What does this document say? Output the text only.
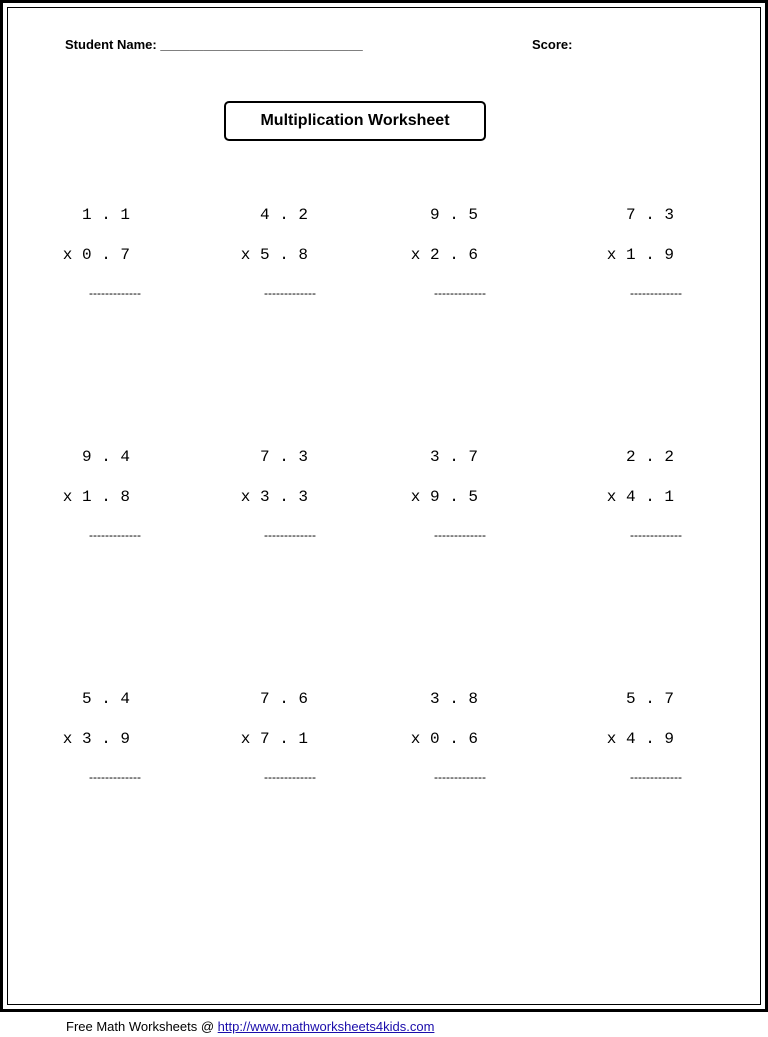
Student Name: ____________________________	Score:
Multiplication Worksheet
1 . 1
x 0 . 7
-------------
4 . 2
x 5 . 8
-------------
9 . 5
x 2 . 6
-------------
7 . 3
x 1 . 9
-------------
9 . 4
x 1 . 8
-------------
7 . 3
x 3 . 3
-------------
3 . 7
x 9 . 5
-------------
2 . 2
x 4 . 1
-------------
5 . 4
x 3 . 9
-------------
7 . 6
x 7 . 1
-------------
3 . 8
x 0 . 6
-------------
5 . 7
x 4 . 9
-------------
Free Math Worksheets @ http://www.mathworksheets4kids.com
